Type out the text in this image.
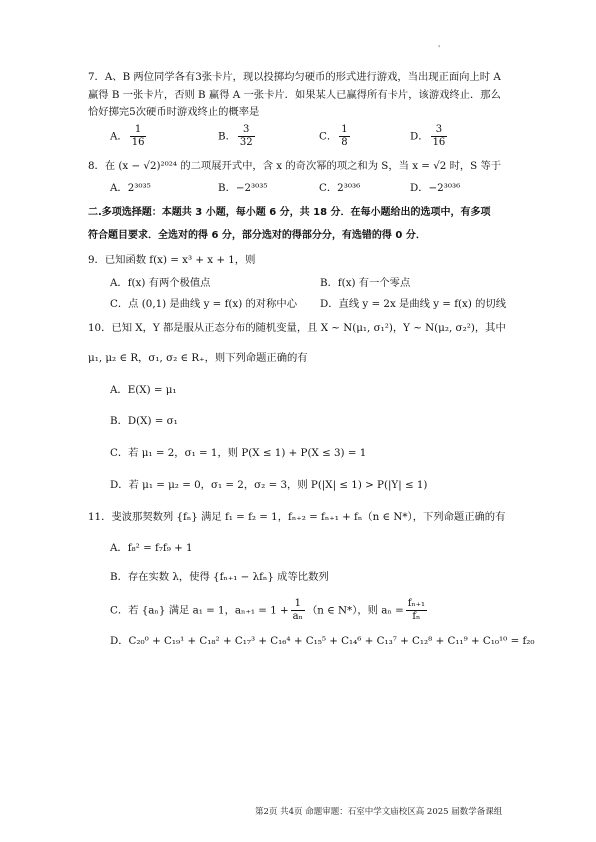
'
7．A、B 两位同学各有3张卡片，现以投掷均匀硬币的形式进行游戏，当出现正面向上时 A
赢得 B 一张卡片，否则 B 赢得 A 一张卡片．如果某人已赢得所有卡片，该游戏终止．那么
恰好掷完5次硬币时游戏终止的概率是
A． $\frac{1}{16}$	B． $\frac{3}{32}$	C． $\frac{1}{8}$	D． $\frac{3}{16}$
8．在 (x − √2)²⁰²⁴ 的二项展开式中，含 x 的奇次幂的项之和为 S，当 x = √2 时，S 等于
A．2³⁰³⁵	B．−2³⁰³⁵	C．2³⁰³⁶	D．−2³⁰³⁶
二.多项选择题：本题共 3 小题，每小题 6 分，共 18 分．在每小题给出的选项中，有多项
符合题目要求．全选对的得 6 分，部分选对的得部分分，有选错的得 0 分．
9．已知函数 f(x) = x³ + x + 1，则
A．f(x) 有两个极值点	B．f(x) 有一个零点
C．点 (0,1) 是曲线 y = f(x) 的对称中心 D．直线 y = 2x 是曲线 y = f(x) 的切线
10．已知 X，Y 都是服从正态分布的随机变量，且 X ~ N(μ₁, σ₁²)，Y ~ N(μ₂, σ₂²)，其中
μ₁, μ₂ ∈ R，σ₁, σ₂ ∈ R₊，则下列命题正确的有
A．E(X) = μ₁
B．D(X) = σ₁
C．若 μ₁ = 2，σ₁ = 1，则 P(X ≤ 1) + P(X ≤ 3) = 1
D．若 μ₁ = μ₂ = 0，σ₁ = 2，σ₂ = 3，则 P(|X| ≤ 1) > P(|Y| ≤ 1)
11．斐波那契数列 {fₙ} 满足 f₁ = f₂ = 1，fₙ₊₂ = fₙ₊₁ + fₙ（n ∈ N*），下列命题正确的有
A．f₈² = f₇f₉ + 1
B．存在实数 λ，使得 {fₙ₊₁ − λfₙ} 成等比数列
C．若 {aₙ} 满足 a₁ = 1，$a_{n+1} = 1 + \frac{1}{\text{aₙ}} (n$ ∈ N*），则 $a_n = \frac{\text{fₙ₊₁}}{\text{fₙ}}$
D．C₂₀⁰ + C₁₉¹ + C₁₈² + C₁₇³ + C₁₆⁴ + C₁₅⁵ + C₁₄⁶ + C₁₃⁷ + C₁₂⁸ + C₁₁⁹ + C₁₀¹⁰ = f₂₀
第2页 共4页 命题审题：石室中学文庙校区高 2025 届数学备课组
